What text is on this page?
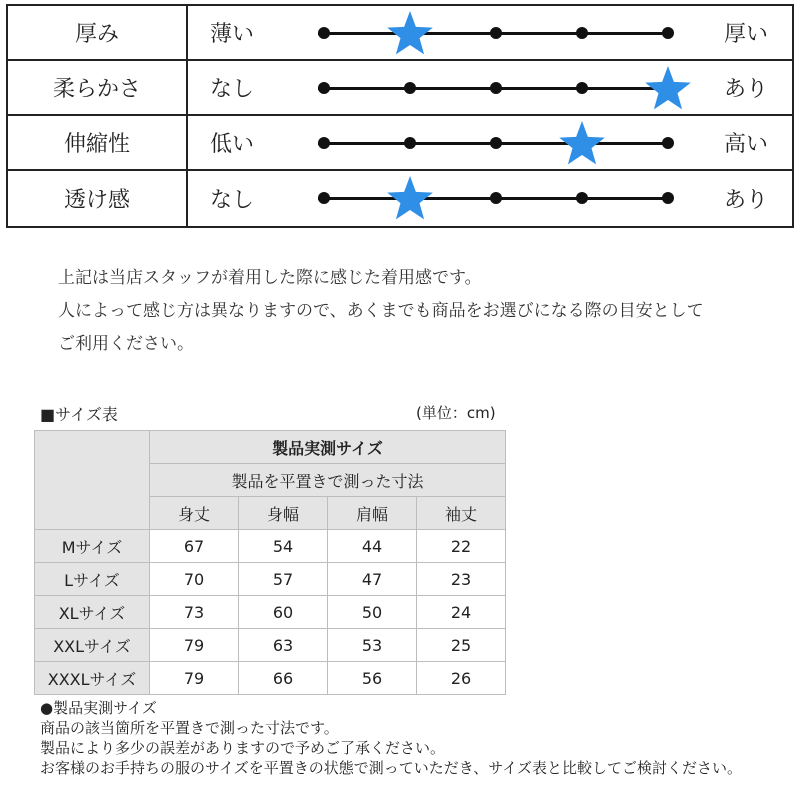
厚み	薄い	厚い
柔らかさ	なし	あり
伸縮性	低い	高い
透け感	なし	あり
上記は当店スタッフが着用した際に感じた着用感です。
人によって感じ方は異なりますので、あくまでも商品をお選びになる際の目安として
ご利用ください。
■サイズ表	(単位：cm)
	製品実測サイズ			
	製品を平置きで測った寸法			
	身丈	身幅	肩幅	袖丈
Mサイズ	67	54	44	22
Lサイズ	70	57	47	23
XLサイズ	73	60	50	24
XXLサイズ	79	63	53	25
XXXLサイズ	79	66	56	26
●製品実測サイズ
商品の該当箇所を平置きで測った寸法です。
製品により多少の誤差がありますので予めご了承ください。
お客様のお手持ちの服のサイズを平置きの状態で測っていただき、サイズ表と比較してご検討ください。
